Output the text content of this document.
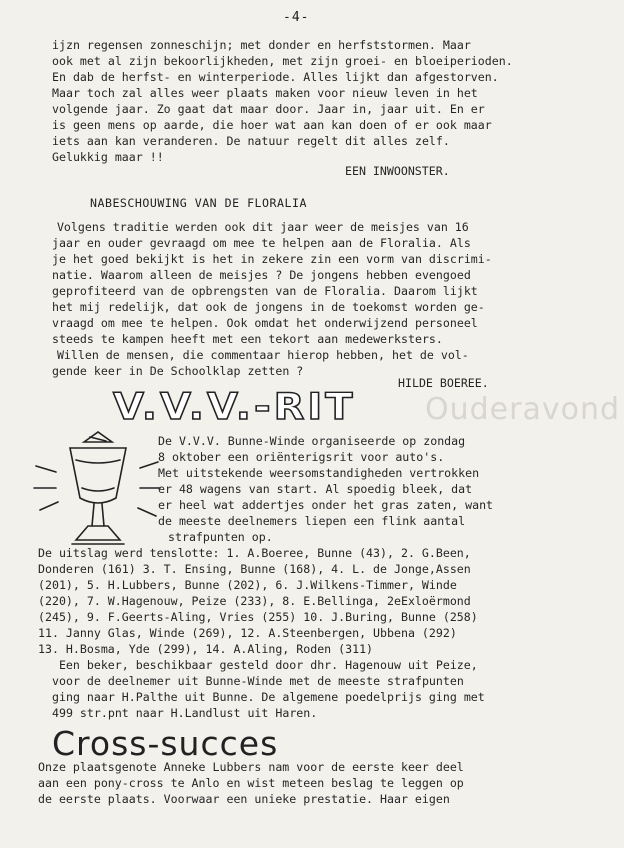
-4-
ijzn regensen zonneschijn; met donder en herfststormen. Maar
ook met al zijn bekoorlijkheden, met zijn groei- en bloeiperioden.
En dab de herfst- en winterperiode. Alles lijkt dan afgestorven.
Maar toch zal alles weer plaats maken voor nieuw leven in het
volgende jaar. Zo gaat dat maar door. Jaar in, jaar uit. En er
is geen mens op aarde, die hoer wat aan kan doen of er ook maar
iets aan kan veranderen. De natuur regelt dit alles zelf.
Gelukkig maar !!
EEN INWOONSTER.
NABESCHOUWING VAN DE FLORALIA
Volgens traditie werden ook dit jaar weer de meisjes van 16
jaar en ouder gevraagd om mee te helpen aan de Floralia. Als
je het goed bekijkt is het in zekere zin een vorm van discrimi-
natie. Waarom alleen de meisjes ? De jongens hebben evengoed
geprofiteerd van de opbrengsten van de Floralia. Daarom lijkt
het mij redelijk, dat ook de jongens in de toekomst worden ge-
vraagd om mee te helpen. Ook omdat het onderwijzend personeel
steeds te kampen heeft met een tekort aan medewerksters.
Willen de mensen, die commentaar hierop hebben, het de vol-
gende keer in De Schoolklap zetten ?
HILDE BOEREE.
Ouderavond
V.V.V.-RIT
De V.V.V. Bunne-Winde organiseerde op zondag
8 oktober een oriënterigsrit voor auto's.
Met uitstekende weersomstandigheden vertrokken
er 48 wagens van start. Al spoedig bleek, dat
er heel wat addertjes onder het gras zaten, want
de meeste deelnemers liepen een flink aantal
strafpunten op.
De uitslag werd tenslotte: 1. A.Boeree, Bunne (43), 2. G.Been,
Donderen (161) 3. T. Ensing, Bunne (168), 4. L. de Jonge,Assen
(201), 5. H.Lubbers, Bunne (202), 6. J.Wilkens-Timmer, Winde
(220), 7. W.Hagenouw, Peize (233), 8. E.Bellinga, 2eExloërmond
(245), 9. F.Geerts-Aling, Vries (255) 10. J.Buring, Bunne (258)
11. Janny Glas, Winde (269), 12. A.Steenbergen, Ubbena (292)
13. H.Bosma, Yde (299), 14. A.Aling, Roden (311)
Een beker, beschikbaar gesteld door dhr. Hagenouw uit Peize,
voor de deelnemer uit Bunne-Winde met de meeste strafpunten
ging naar H.Palthe uit Bunne. De algemene poedelprijs ging met
499 str.pnt naar H.Landlust uit Haren.
Cross-succes
Onze plaatsgenote Anneke Lubbers nam voor de eerste keer deel
aan een pony-cross te Anlo en wist meteen beslag te leggen op
de eerste plaats. Voorwaar een unieke prestatie. Haar eigen
